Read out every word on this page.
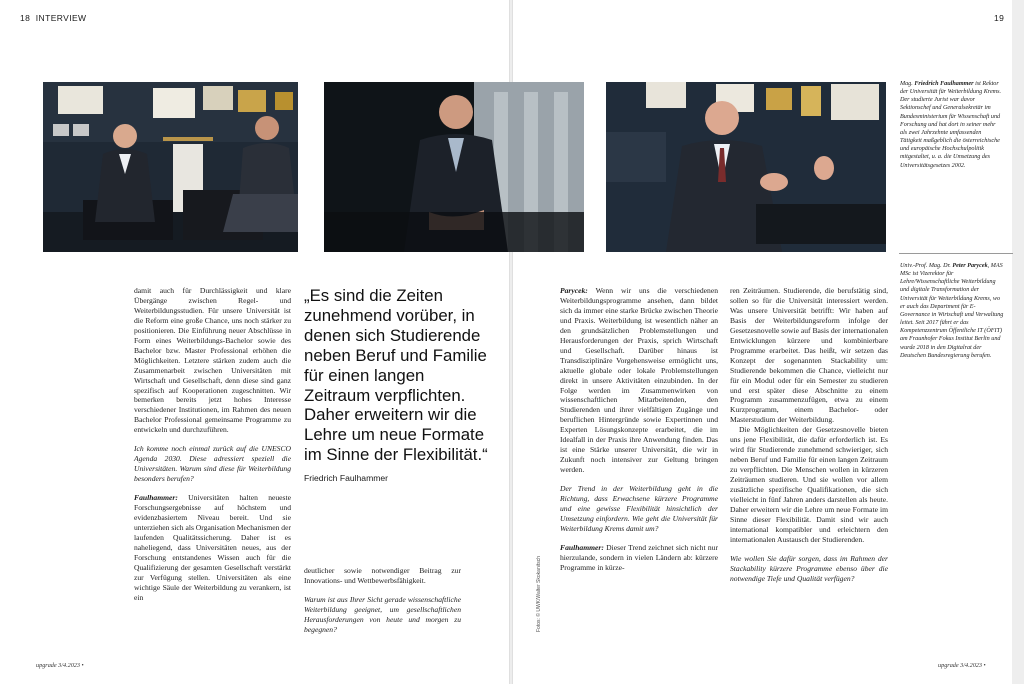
18 INTERVIEW	19

damit auch für Durchlässigkeit und klare Übergänge zwischen Regel- und Weiterbildungsstudien. Für unsere Universität ist die Reform eine große Chance, uns noch stärker zu positionieren. Die Einführung neuer Abschlüsse in Form eines Weiterbildungs-Bachelor sowie des Bachelor bzw. Master Professional erhöhen die Möglichkeiten. Letztere stärken zudem auch die Zusammenarbeit zwischen Universitäten mit Wirtschaft und Gesellschaft, denn diese sind ganz spezifisch auf Kooperationen zugeschnitten. Wir bemerken bereits jetzt hohes Interesse verschiedener Institutionen, im Rahmen des neuen Bachelor Professional gemeinsame Programme zu entwickeln und durchzuführen.

Ich komme noch einmal zurück auf die UNESCO Agenda 2030. Diese adressiert speziell die Universitäten. Warum sind diese für Weiterbildung besonders berufen?

Faulhammer: Universitäten halten neueste Forschungsergebnisse auf höchstem und evidenzbasiertem Niveau bereit. Und sie unterziehen sich als Organisation Mechanismen der laufenden Qualitätssicherung. Daher ist es naheliegend, dass Universitäten neues, aus der Forschung entstandenes Wissen auch für die Qualifizierung der gesamten Gesellschaft verstärkt zur Verfügung stellen. Universitäten als eine wichtige Säule der Weiterbildung zu verankern, ist ein

„Es sind die Zeiten zunehmend vorüber, in denen sich Studierende neben Beruf und Familie für einen langen Zeitraum verpflichten. Daher erweitern wir die Lehre um neue Formate im Sinne der Flexibilität.“
Friedrich Faulhammer

deutlicher sowie notwendiger Beitrag zur Innovations- und Wettbewerbsfähigkeit.

Warum ist aus Ihrer Sicht gerade wissenschaftliche Weiterbildung geeignet, um gesellschaftlichen Herausforderungen von heute und morgen zu begegnen?

Parycek: Wenn wir uns die verschiedenen Weiterbildungsprogramme ansehen, dann bildet sich da immer eine starke Brücke zwischen Theorie und Praxis. Weiterbildung ist wesentlich näher an den grundsätzlichen Problemstellungen und Herausforderungen der Praxis, sprich Wirtschaft und Gesellschaft. Darüber hinaus ist Transdisziplinäre Vorgehensweise ermöglicht uns, aktuelle globale oder lokale Problemstellungen direkt in unsere Aktivitäten einzubinden. In der Folge werden im Zusammenwirken von wissenschaftlichen Mitarbeitenden, den Studierenden und ihrer vielfältigen Zugänge und beruflichen Hintergründe sowie Expertinnen und Experten Lösungskonzepte erarbeitet, die im Idealfall in der Praxis ihre Anwendung finden. Das ist eine Stärke unserer Universität, die wir in Zukunft noch intensiver zur Geltung bringen werden.

Der Trend in der Weiterbildung geht in die Richtung, dass Erwachsene kürzere Programme und eine gewisse Flexibilität hinsichtlich der Umsetzung einfordern. Wie geht die Universität für Weiterbildung Krems damit um?

Faulhammer: Dieser Trend zeichnet sich nicht nur hierzulande, sondern in vielen Ländern ab: kürzere Programme in kürze-

ren Zeiträumen. Studierende, die berufstätig sind, sollen so für die Universität interessiert werden. Was unsere Universität betrifft: Wir haben auf Basis der Weiterbildungsreform infolge der Gesetzesnovelle sowie auf Basis der internationalen Entwicklungen kürzere und kombinierbare Programme erarbeitet. Das heißt, wir setzen das Konzept der sogenannten Stackability um: Studierende bekommen die Chance, vielleicht nur für ein Modul oder für ein Semester zu studieren und erst später diese Abschnitte zu einem Programm zusammenzufügen, etwa zu einem Kurzprogramm, einem Bachelor- oder Masterstudium der Weiterbildung.

Die Möglichkeiten der Gesetzesnovelle bieten uns jene Flexibilität, die dafür erforderlich ist. Es wird für Studierende zunehmend schwieriger, sich neben Beruf und Familie für einen langen Zeitraum zu verpflichten. Die Menschen wollen in kürzeren Zeiträumen studieren. Und sie wollen vor allem zusätzliche spezifische Qualifikationen, die sich vielleicht in fünf Jahren anders darstellen als heute. Daher erweitern wir die Lehre um neue Formate im Sinne dieser Flexibilität. Damit sind wir auch international kompatibler und erleichtern den internationalen Austausch der Studierenden.

Wie wollen Sie dafür sorgen, dass im Rahmen der Stackability kürzere Programme ebenso über die notwendige Tiefe und Qualität verfügen?

Mag. Friedrich Faulhammer ist Rektor der Universität für Weiterbildung Krems. Der studierte Jurist war davor Sektionschef und Generalsekretär im Bundesministerium für Wissenschaft und Forschung und hat dort in seiner mehr als zwei Jahrzehnte umfassenden Tätigkeit maßgeblich die österreichische und europäische Hochschulpolitik mitgestaltet, u. a. die Umsetzung des Universitätsgesetzes 2002.
Univ.-Prof. Mag. Dr. Peter Parycek, MAS MSc ist Vizerektor für Lehre/Wissenschaftliche Weiterbildung und digitale Transformation der Universität für Weiterbildung Krems, wo er auch das Department für E-Governance in Wirtschaft und Verwaltung leitet. Seit 2017 führt er das Kompetenzzentrum Öffentliche IT (ÖFIT) am Fraunhofer Fokus Institut Berlin und wurde 2018 in den Digitalrat der Deutschen Bundesregierung berufen.
upgrade 3/4.2023 •	upgrade 3/4.2023 •
